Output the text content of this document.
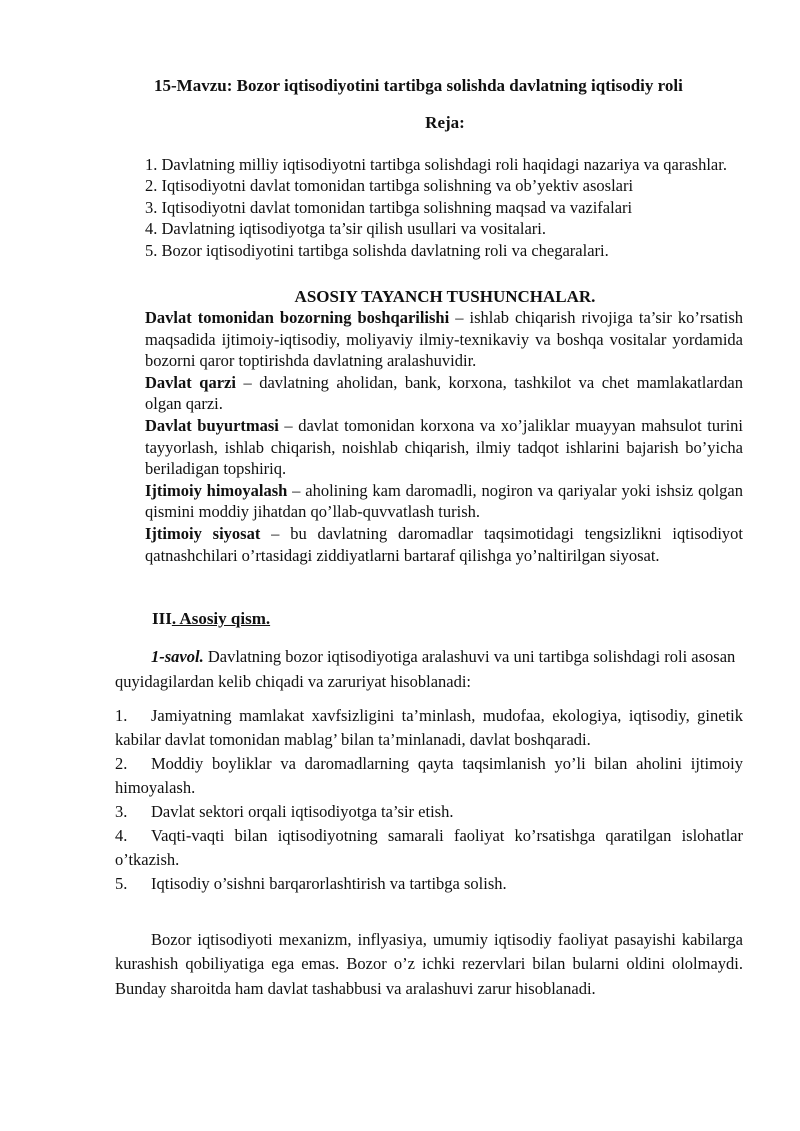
15-Mavzu: Bozor iqtisodiyotini tartibga solishda davlatning iqtisodiy roli
Reja:
1. Davlatning milliy iqtisodiyotni tartibga solishdagi roli haqidagi nazariya va qarashlar.
2. Iqtisodiyotni davlat tomonidan tartibga solishning va ob’yektiv asoslari
3. Iqtisodiyotni davlat tomonidan tartibga solishning maqsad va vazifalari
4. Davlatning iqtisodiyotga ta’sir qilish usullari va vositalari.
5. Bozor iqtisodiyotini tartibga solishda davlatning roli va chegaralari.
ASOSIY TAYANCH TUSHUNCHALAR.

Davlat tomonidan bozorning boshqarilishi – ishlab chiqarish rivojiga ta’sir ko’rsatish maqsadida ijtimoiy-iqtisodiy, moliyaviy ilmiy-texnikaviy va boshqa vositalar yordamida bozorni qaror toptirishda davlatning aralashuvidir.

Davlat qarzi – davlatning aholidan, bank, korxona, tashkilot va chet mamlakatlardan olgan qarzi.

Davlat buyurtmasi – davlat tomonidan korxona va xo’jaliklar muayyan mahsulot turini tayyorlash, ishlab chiqarish, noishlab chiqarish, ilmiy tadqot ishlarini bajarish bo’yicha beriladigan topshiriq.

Ijtimoiy himoyalash – aholining kam daromadli, nogiron va qariyalar yoki ishsiz qolgan qismini moddiy jihatdan qo’llab-quvvatlash turish.

Ijtimoiy siyosat – bu davlatning daromadlar taqsimotidagi tengsizlikni iqtisodiyot qatnashchilari o’rtasidagi ziddiyatlarni bartaraf qilishga yo’naltirilgan siyosat.

III. Asosiy qism.
1-savol. Davlatning bozor iqtisodiyotiga aralashuvi va uni tartibga solishdagi roli asosan quyidagilardan kelib chiqadi va zaruriyat hisoblanadi:
1. Jamiyatning mamlakat xavfsizligini ta’minlash, mudofaa, ekologiya, iqtisodiy, ginetik kabilar davlat tomonidan mablag’ bilan ta’minlanadi, davlat boshqaradi.
2. Moddiy boyliklar va daromadlarning qayta taqsimlanish yo’li bilan aholini ijtimoiy himoyalash.
3. Davlat sektori orqali iqtisodiyotga ta’sir etish.
4. Vaqti-vaqti bilan iqtisodiyotning samarali faoliyat ko’rsatishga qaratilgan islohatlar o’tkazish.
5. Iqtisodiy o’sishni barqarorlashtirish va tartibga solish.
Bozor iqtisodiyoti mexanizm, inflyasiya, umumiy iqtisodiy faoliyat pasayishi kabilarga kurashish qobiliyatiga ega emas. Bozor o’z ichki rezervlari bilan bularni oldini ololmaydi. Bunday sharoitda ham davlat tashabbusi va aralashuvi zarur hisoblanadi.
